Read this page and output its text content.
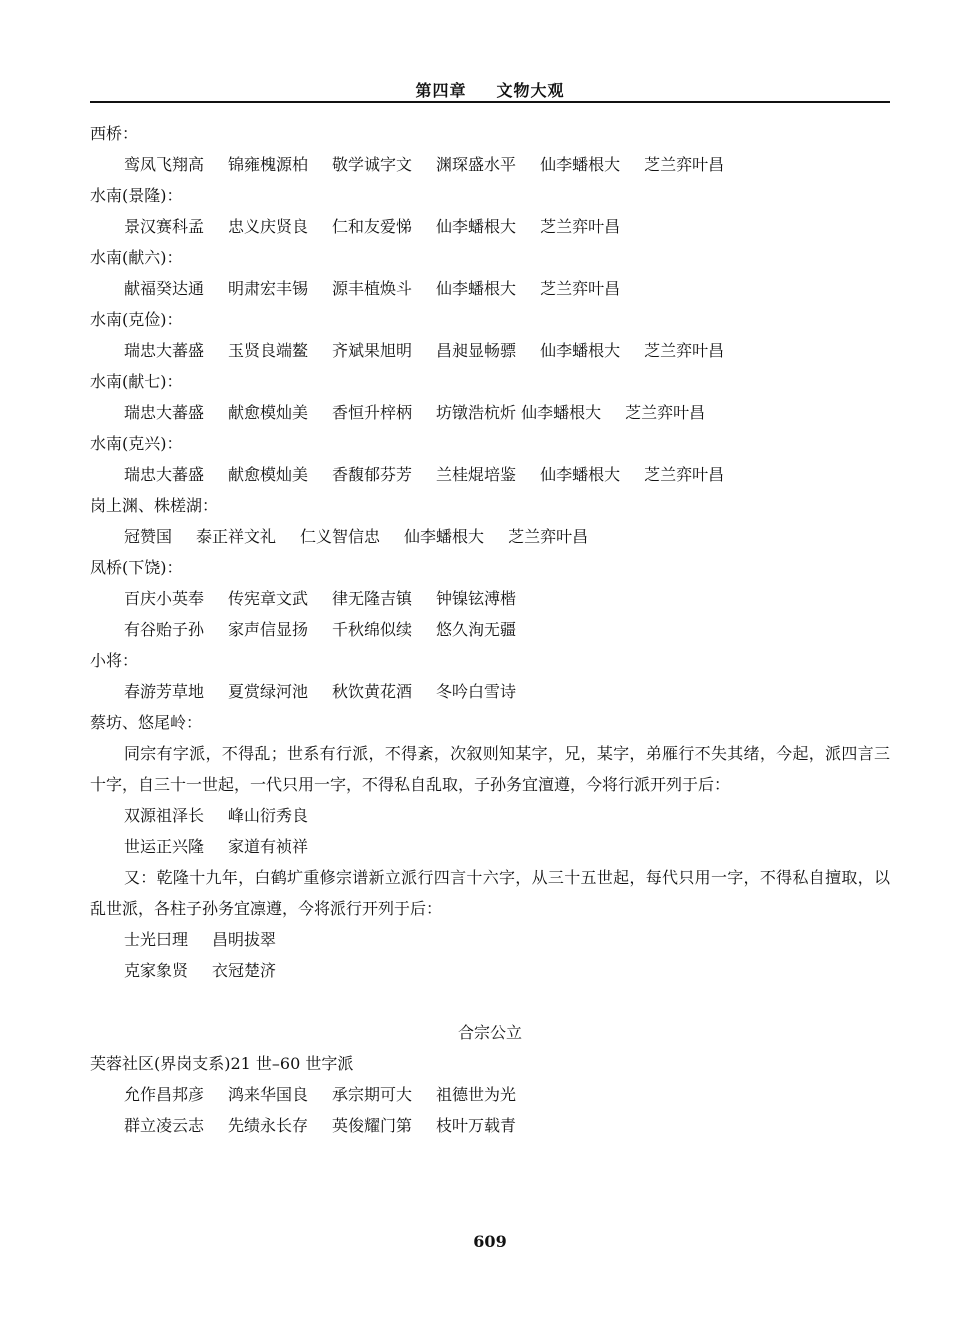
第四章 文物大观
西桥：
鸾凤飞翔高 锦雍槐源柏 敬学诚字文 渊琛盛水平 仙李蟠根大 芝兰弈叶昌
水南(景隆)：
景汉赛科孟 忠义庆贤良 仁和友爱悌 仙李蟠根大 芝兰弈叶昌
水南(献六)：
献福癸达通 明肃宏丰锡 源丰植焕斗 仙李蟠根大 芝兰弈叶昌
水南(克俭)：
瑞忠大蕃盛 玉贤良端鳌 齐斌果旭明 昌昶显畅骠 仙李蟠根大 芝兰弈叶昌
水南(献七)：
瑞忠大蕃盛 献愈模灿美 香恒升梓柄 坊镦浩杭炘 仙李蟠根大 芝兰弈叶昌
水南(克兴)：
瑞忠大蕃盛 献愈模灿美 香馥郁芬芳 兰桂焜培鉴 仙李蟠根大 芝兰弈叶昌
岗上渊、株槎湖：
冠赞国 泰正祥文礼 仁义智信忠 仙李蟠根大 芝兰弈叶昌
凤桥(下饶)：
百庆小英奉 传宪章文武 律无隆吉镇 钟镍铉溥楷
有谷贻子孙 家声信显扬 千秋绵似续 悠久洵无疆
小将：
春游芳草地 夏赏绿河池 秋饮黄花酒 冬吟白雪诗
蔡坊、悠尾岭：

同宗有字派，不得乱；世系有行派，不得紊，次叙则知某字，兄，某字，弟雁行不失其绪，今起，派四言三十字，自三十一世起，一代只用一字，不得私自乱取，子孙务宜澶遵，今将行派开列于后：

双源祖泽长 峰山衍秀良
世运正兴隆 家道有祯祥

又：乾隆十九年，白鹤圹重修宗谱新立派行四言十六字，从三十五世起，每代只用一字，不得私自擅取，以乱世派，各柱子孙务宜凛遵，今将派行开列于后：

士光曰理 昌明拔翠
克家象贤 衣冠楚济
合宗公立
芙蓉社区(界岗支系)21 世–60 世字派
允作昌邦彦 鸿来华国良 承宗期可大 祖德世为光
群立凌云志 先绩永长存 英俊耀门第 枝叶万载青
609
